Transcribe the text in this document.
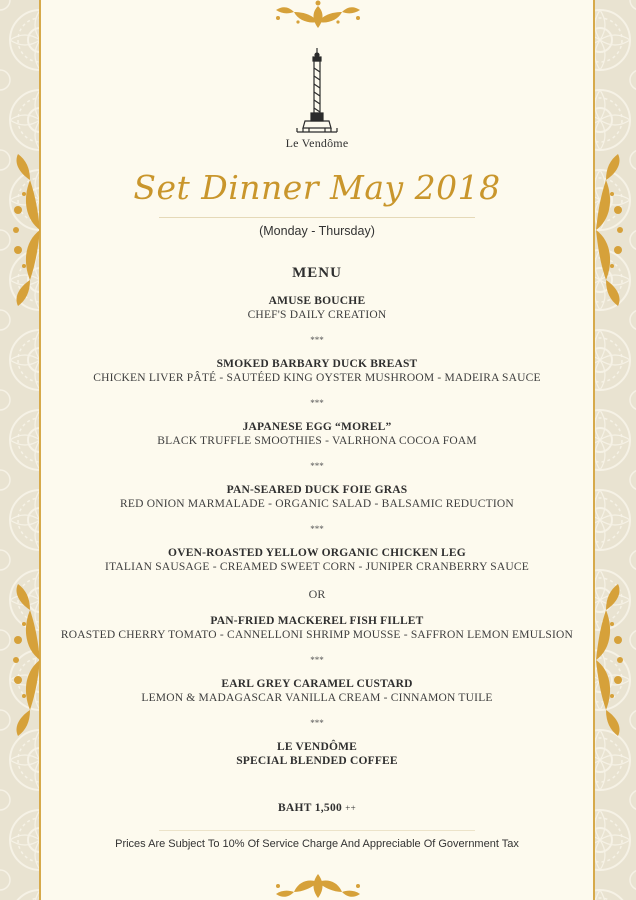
Le Vendôme
Set Dinner May 2018
(Monday - Thursday)
MENU
AMUSE BOUCHE
CHEF'S DAILY CREATION
***
SMOKED BARBARY DUCK BREAST
CHICKEN LIVER PÂTÉ - SAUTÉED KING OYSTER MUSHROOM - MADEIRA SAUCE
***
JAPANESE EGG “MOREL”
BLACK TRUFFLE SMOOTHIES - VALRHONA COCOA FOAM
***
PAN-SEARED DUCK FOIE GRAS
RED ONION MARMALADE - ORGANIC SALAD - BALSAMIC REDUCTION
***
OVEN-ROASTED YELLOW ORGANIC CHICKEN LEG
ITALIAN SAUSAGE - CREAMED SWEET CORN - JUNIPER CRANBERRY SAUCE
OR
PAN-FRIED MACKEREL FISH FILLET
ROASTED CHERRY TOMATO - CANNELLONI SHRIMP MOUSSE - SAFFRON LEMON EMULSION
***
EARL GREY CARAMEL CUSTARD
LEMON & MADAGASCAR VANILLA CREAM - CINNAMON TUILE
***
LE VENDÔME
SPECIAL BLENDED COFFEE
BAHT 1,500 ++
Prices Are Subject To 10% Of Service Charge And Appreciable Of Government Tax
